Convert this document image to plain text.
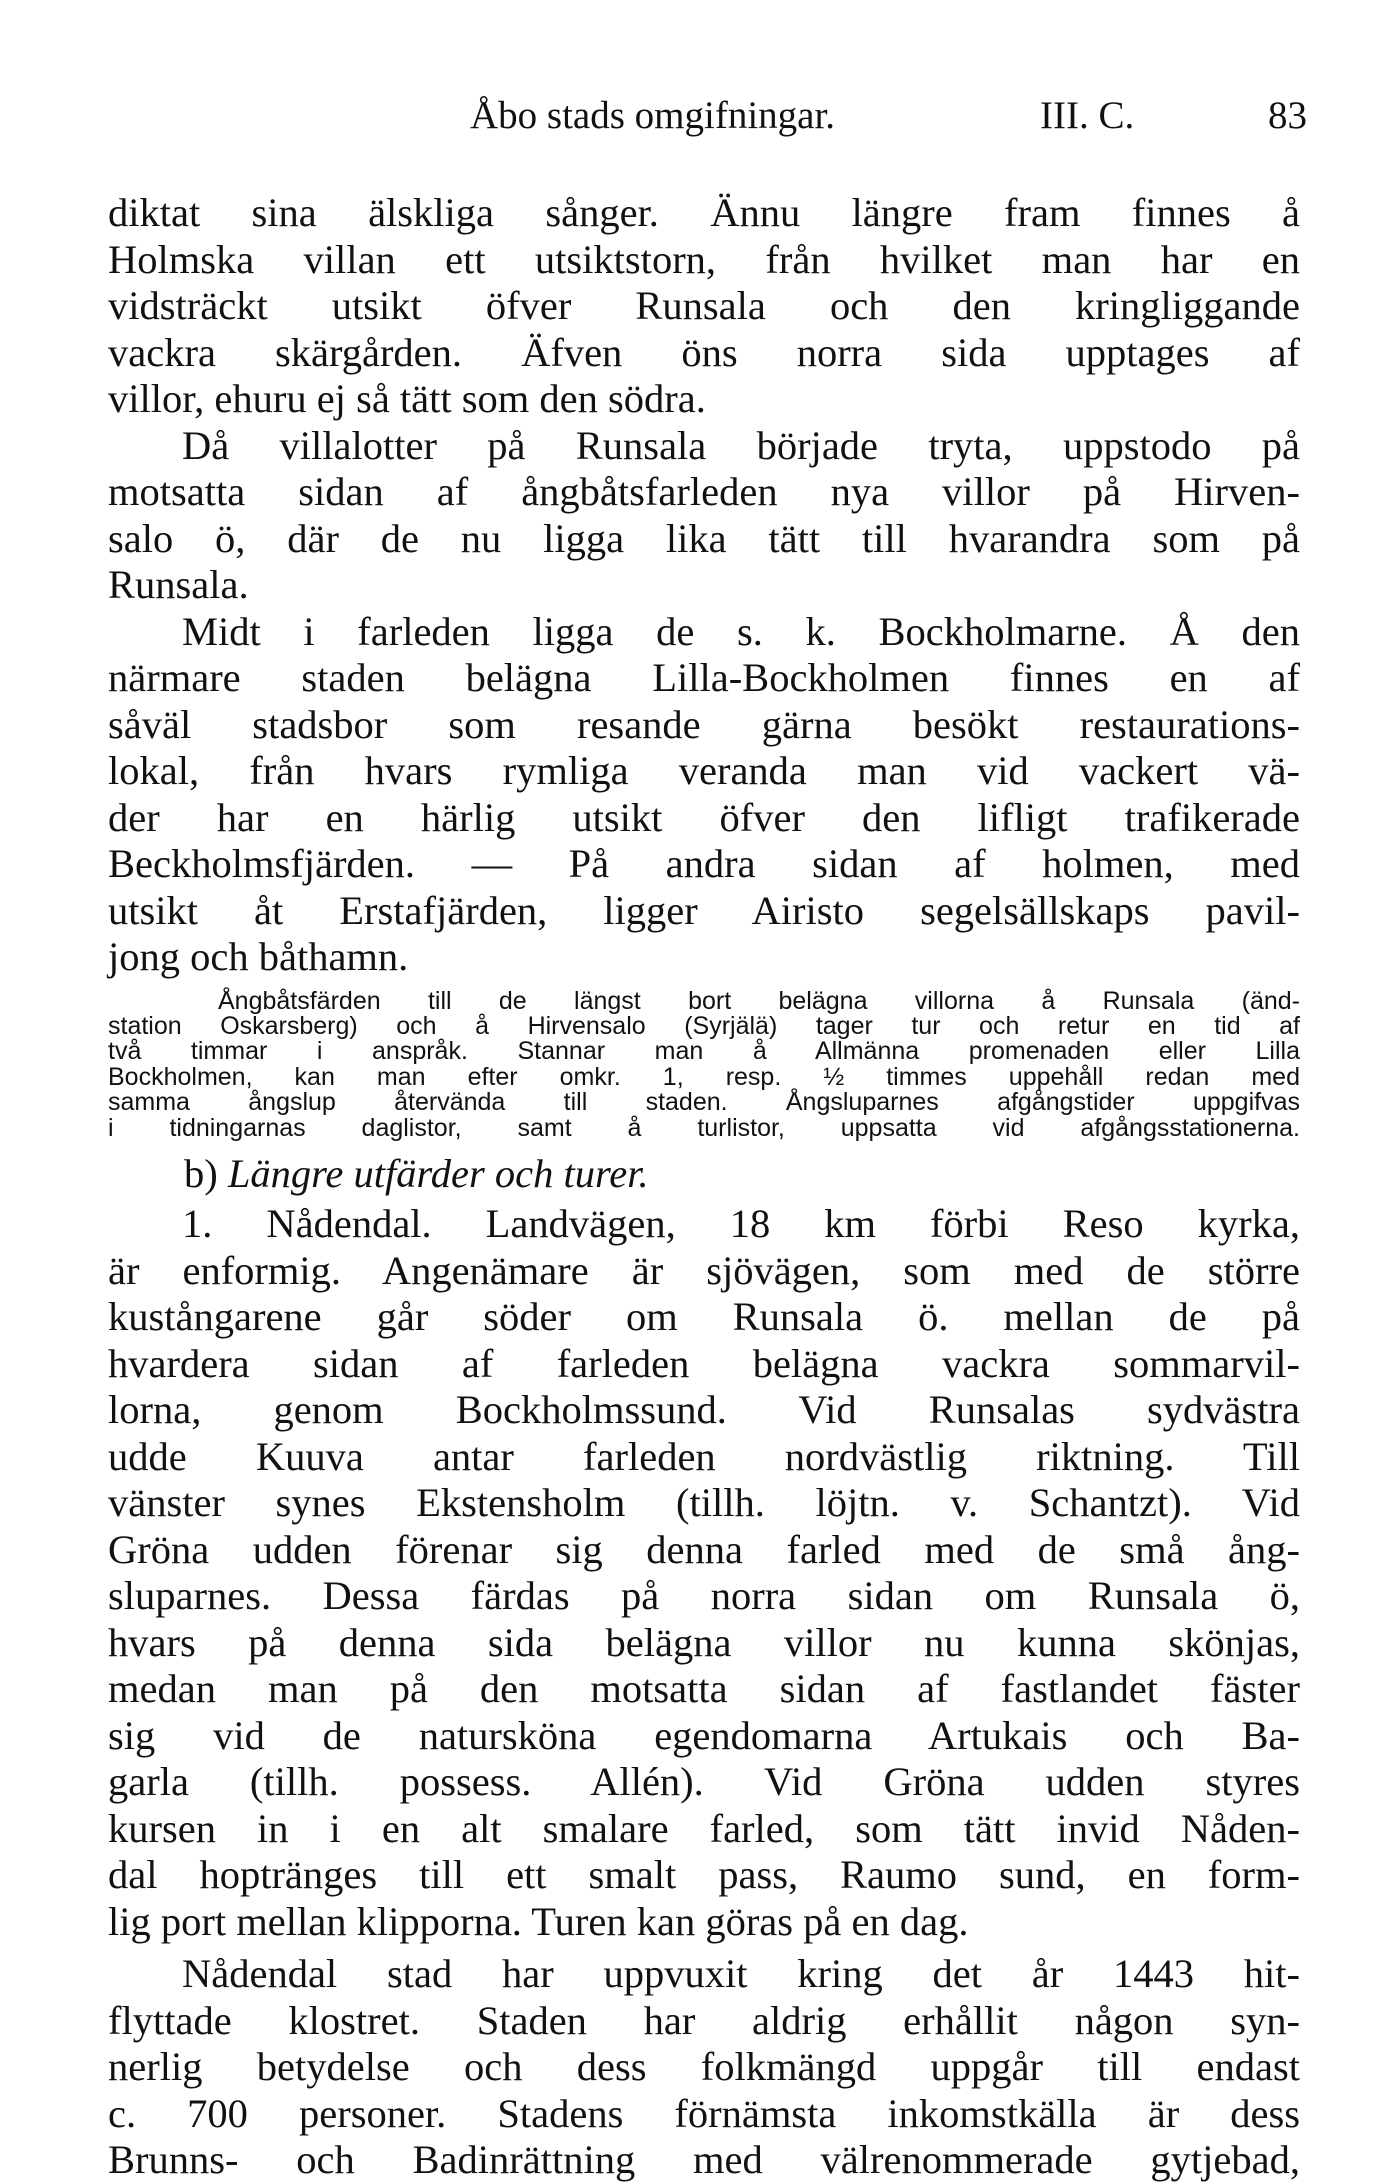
Åbo stads omgifningar.	III. C.	83
diktat sina älskliga sånger. Ännu längre fram finnes å
Holmska villan ett utsiktstorn, från hvilket man har en
vidsträckt utsikt öfver Runsala och den kringliggande
vackra skärgården. Äfven öns norra sida upptages af
villor, ehuru ej så tätt som den södra.
Då villalotter på Runsala började tryta, uppstodo på
motsatta sidan af ångbåtsfarleden nya villor på Hirven-
salo ö, där de nu ligga lika tätt till hvarandra som på
Runsala.
Midt i farleden ligga de s. k. Bockholmarne. Å den
närmare staden belägna Lilla-Bockholmen finnes en af
såväl stadsbor som resande gärna besökt restaurations-
lokal, från hvars rymliga veranda man vid vackert vä-
der har en härlig utsikt öfver den lifligt trafikerade
Beckholmsfjärden. — På andra sidan af holmen, med
utsikt åt Erstafjärden, ligger Airisto segelsällskaps pavil-
jong och båthamn.
Ångbåtsfärden till de längst bort belägna villorna å Runsala (änd-
station Oskarsberg) och å Hirvensalo (Syrjälä) tager tur och retur en tid af
två timmar i anspråk. Stannar man å Allmänna promenaden eller Lilla
Bockholmen, kan man efter omkr. 1, resp. ½ timmes uppehåll redan med
samma ångslup återvända till staden. Ångsluparnes afgångstider uppgifvas
i tidningarnas daglistor, samt å turlistor, uppsatta vid afgångsstationerna.
b) Längre utfärder och turer.
1. Nådendal. Landvägen, 18 km förbi Reso kyrka,
är enformig. Angenämare är sjövägen, som med de större
kustångarene går söder om Runsala ö. mellan de på
hvardera sidan af farleden belägna vackra sommarvil-
lorna, genom Bockholmssund. Vid Runsalas sydvästra
udde Kuuva antar farleden nordvästlig riktning. Till
vänster synes Ekstensholm (tillh. löjtn. v. Schantzt). Vid
Gröna udden förenar sig denna farled med de små ång-
sluparnes. Dessa färdas på norra sidan om Runsala ö,
hvars på denna sida belägna villor nu kunna skönjas,
medan man på den motsatta sidan af fastlandet fäster
sig vid de natursköna egendomarna Artukais och Ba-
garla (tillh. possess. Allén). Vid Gröna udden styres
kursen in i en alt smalare farled, som tätt invid Nåden-
dal hoptränges till ett smalt pass, Raumo sund, en form-
lig port mellan klipporna. Turen kan göras på en dag.
Nådendal stad har uppvuxit kring det år 1443 hit-
flyttade klostret. Staden har aldrig erhållit någon syn-
nerlig betydelse och dess folkmängd uppgår till endast
c. 700 personer. Stadens förnämsta inkomstkälla är dess
Brunns- och Badinrättning med välrenommerade gytjebad,
